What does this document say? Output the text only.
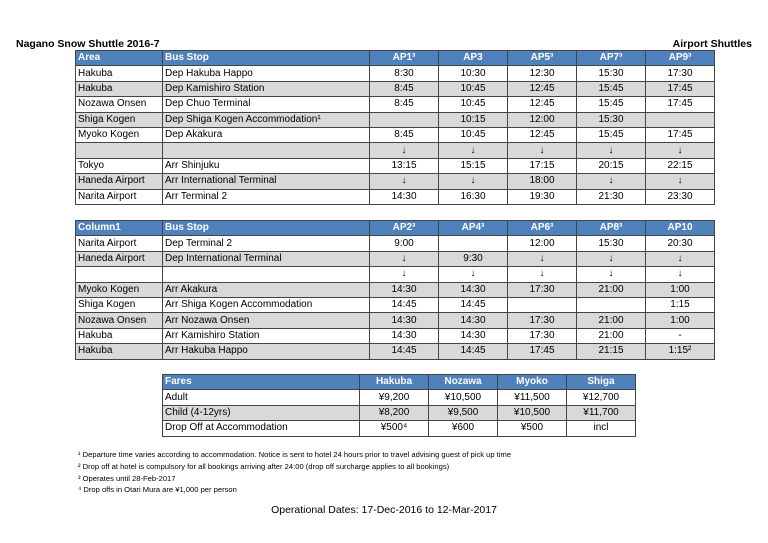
Nagano Snow Shuttle 2016-7	Airport Shuttles
Area	Bus Stop	AP1³	AP3	AP5³	AP7³	AP9³
Hakuba	Dep Hakuba Happo	8:30	10:30	12:30	15:30	17:30
Hakuba	Dep Kamishiro Station	8:45	10:45	12:45	15:45	17:45
Nozawa Onsen	Dep Chuo Terminal	8:45	10:45	12:45	15:45	17:45
Shiga Kogen	Dep Shiga Kogen Accommodation¹		10:15	12:00	15:30	
Myoko Kogen	Dep Akakura	8:45	10:45	12:45	15:45	17:45
		↓	↓	↓	↓	↓
Tokyo	Arr Shinjuku	13:15	15:15	17:15	20:15	22:15
Haneda Airport	Arr International Terminal	↓	↓	18:00	↓	↓
Narita Airport	Arr Terminal 2	14:30	16:30	19:30	21:30	23:30
Column1	Bus Stop	AP2³	AP4³	AP6³	AP8³	AP10
Narita Airport	Dep Terminal 2	9:00		12:00	15:30	20:30
Haneda Airport	Dep International Terminal	↓	9:30	↓	↓	↓
		↓	↓	↓	↓	↓
Myoko Kogen	Arr Akakura	14:30	14:30	17:30	21:00	1:00
Shiga Kogen	Arr Shiga Kogen Accommodation	14:45	14:45			1:15
Nozawa Onsen	Arr Nozawa Onsen	14:30	14:30	17:30	21:00	1:00
Hakuba	Arr Kamishiro Station	14:30	14:30	17:30	21:00	-
Hakuba	Arr Hakuba Happo	14:45	14:45	17:45	21:15	1:15²
Fares	Hakuba	Nozawa	Myoko	Shiga
Adult	¥9,200	¥10,500	¥11,500	¥12,700
Child (4-12yrs)	¥8,200	¥9,500	¥10,500	¥11,700
Drop Off at Accommodation	¥500⁴	¥600	¥500	incl
¹ Departure time varies according to accommodation. Notice is sent to hotel 24 hours prior to travel advising guest of pick up time
² Drop off at hotel is compulsory for all bookings arriving after 24:00 (drop off surcharge applies to all bookings)
³ Operates until 28-Feb-2017
⁴ Drop offs in Otari Mura are ¥1,000 per person
Operational Dates: 17-Dec-2016 to 12-Mar-2017
